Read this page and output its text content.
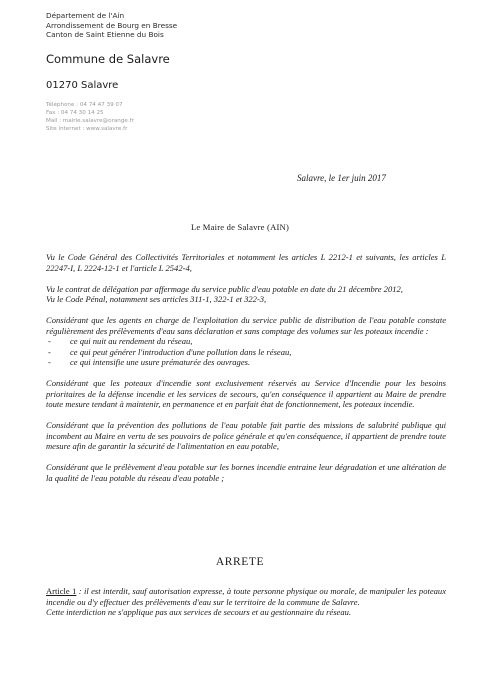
Département de l'Ain
Arrondissement de Bourg en Bresse
Canton de Saint Etienne du Bois
Commune de Salavre
01270 Salavre
Téléphone : 04 74 47 39 07
Fax : 04 74 30 14 25
Mail : mairie.salavre@orange.fr
Site internet : www.salavre.fr
Salavre, le 1er juin 2017
Le Maire de Salavre (AIN)

Vu le Code Général des Collectivités Territoriales et notamment les articles L 2212-1 et suivants, les articles L 22247-I, L 2224-12-1 et l'article L 2542-4,

Vu le contrat de délégation par affermage du service public d'eau potable en date du 21 décembre 2012,

Vu le Code Pénal, notamment ses articles 311-1, 322-1 et 322-3,

Considérant que les agents en charge de l'exploitation du service public de distribution de l'eau potable constate régulièrement des prélèvements d'eau sans déclaration et sans comptage des volumes sur les poteaux incendie :

- ce qui nuit au rendement du réseau,
- ce qui peut générer l'introduction d'une pollution dans le réseau,
- ce qui intensifie une usure prématurée des ouvrages.

Considérant que les poteaux d'incendie sont exclusivement réservés au Service d'Incendie pour les besoins prioritaires de la défense incendie et les services de secours, qu'en conséquence il appartient au Maire de prendre toute mesure tendant à maintenir, en permanence et en parfait état de fonctionnement, les poteaux incendie.

Considérant que la prévention des pollutions de l'eau potable fait partie des missions de salubrité publique qui incombent au Maire en vertu de ses pouvoirs de police générale et qu'en conséquence, il appartient de prendre toute mesure afin de garantir la sécurité de l'alimentation en eau potable,

Considérant que le prélèvement d'eau potable sur les bornes incendie entraine leur dégradation et une altération de la qualité de l'eau potable du réseau d'eau potable ;

ARRETE
Article 1 : il est interdit, sauf autorisation expresse, à toute personne physique ou morale, de manipuler les poteaux incendie ou d'y effectuer des prélèvements d'eau sur le territoire de la commune de Salavre.
Cette interdiction ne s'applique pas aux services de secours et au gestionnaire du réseau.
